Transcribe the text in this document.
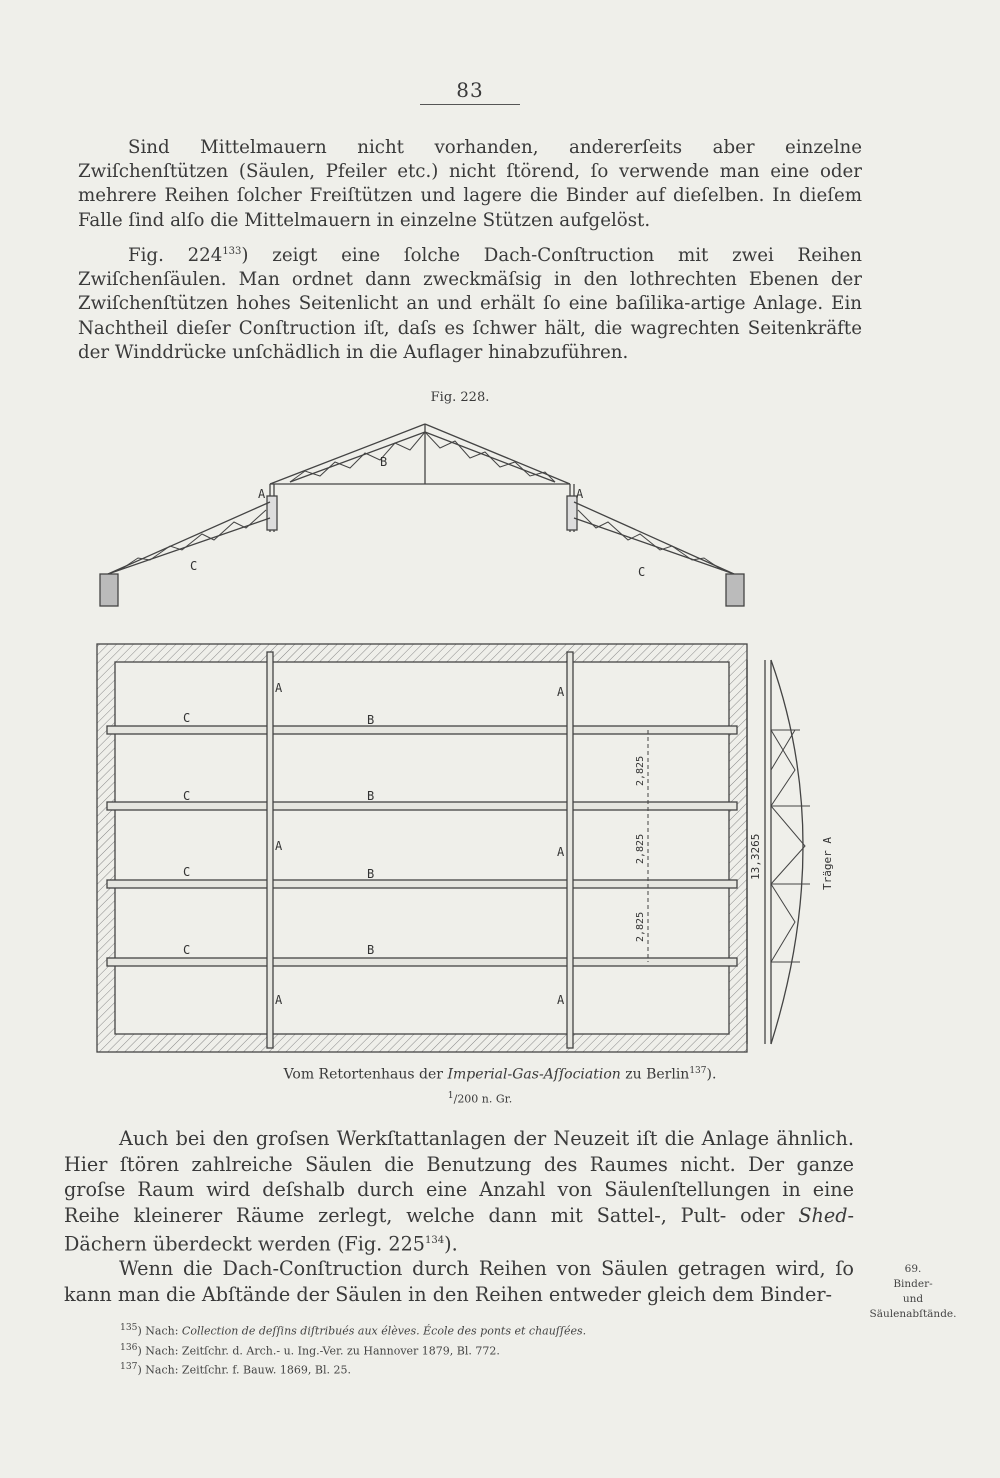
83

Sind Mittelmauern nicht vorhanden, andererſeits aber einzelne Zwiſchenſtützen (Säulen, Pfeiler etc.) nicht ſtörend, ſo verwende man eine oder mehrere Reihen ſolcher Freiſtützen und lagere die Binder auf dieſelben. In dieſem Falle ſind alſo die Mittelmauern in einzelne Stützen aufgelöst.

Fig. $224^{133}$) zeigt eine ſolche Dach-Conſtruction mit zwei Reihen Zwiſchenſäulen. Man ordnet dann zweckmäſsig in den lothrechten Ebenen der Zwiſchenſtützen hohes Seitenlicht an und erhält ſo eine baſilika-artige Anlage. Ein Nachtheil dieſer Conſtruction iſt, daſs es ſchwer hält, die wagrechten Seitenkräfte der Winddrücke unſchädlich in die Auflager hinabzuführen.

Fig. 228.
B
A	A
C	C
A	A
C	B
C	B
A	A
C	B
C	B
A	A
2,825
2,825
2,825
13,3265	Träger A
Vom Retortenhaus der Imperial-Gas-Aſſociation zu Berlin$^{137}$).
$^1$/200 n. Gr.

Auch bei den groſsen Werkſtattanlagen der Neuzeit iſt die Anlage ähnlich. Hier ſtören zahlreiche Säulen die Benutzung des Raumes nicht. Der ganze groſse Raum wird deſshalb durch eine Anzahl von Säulenſtellungen in eine Reihe kleinerer Räume zerlegt, welche dann mit Sattel-, Pult- oder Shed-Dächern überdeckt werden (Fig. $225^{134}$).

Wenn die Dach-Conſtruction durch Reihen von Säulen getragen wird, ſo kann man die Abſtände der Säulen in den Reihen entweder gleich dem Binder-

69.
Binder-
und
Säulenabſtände.
$^{135}$) Nach: Collection de deſſins diſtribués aux élèves. École des ponts et chauſſées.
$^{136}$) Nach: Zeitſchr. d. Arch.- u. Ing.-Ver. zu Hannover 1879, Bl. 772.
$^{137}$) Nach: Zeitſchr. f. Bauw. 1869, Bl. 25.
